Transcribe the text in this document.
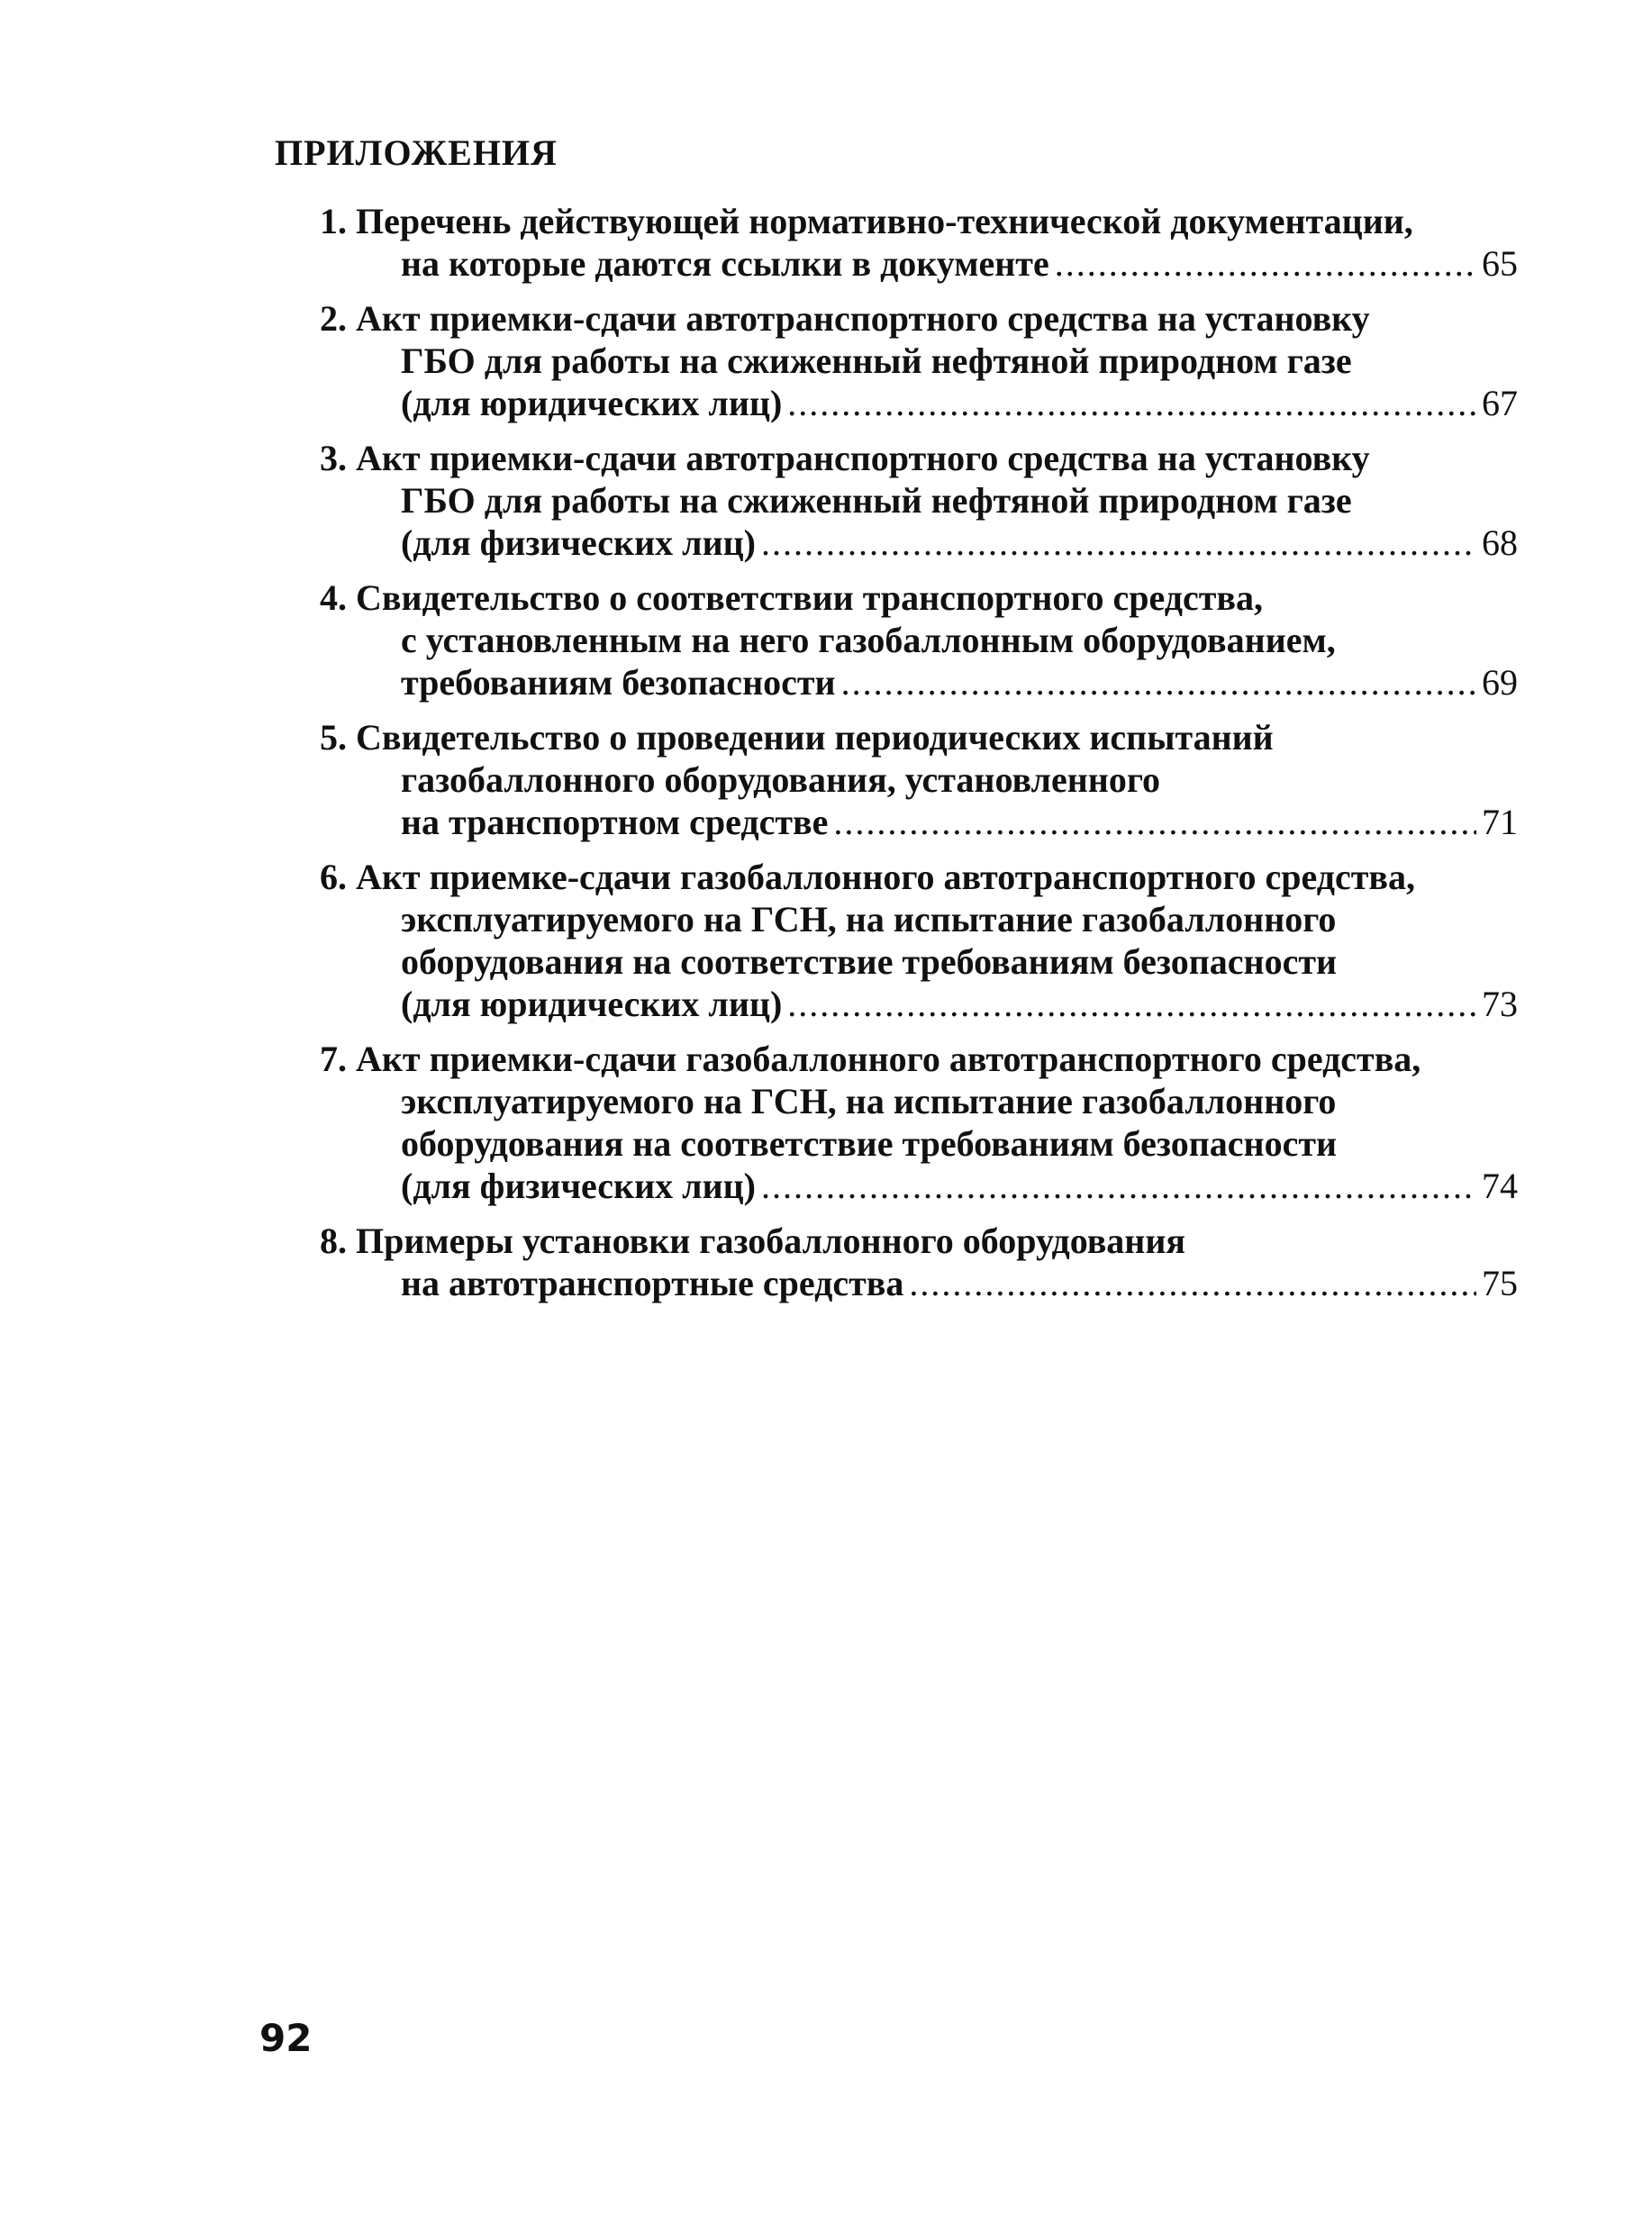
ПРИЛОЖЕНИЯ
1. Перечень действующей нормативно-технической документации,
на которые даются ссылки в документе .....	65
2. Акт приемки-сдачи автотранспортного средства на установку
ГБО для работы на сжиженный нефтяной природном газе
(для юридических лиц) .....	67
3. Акт приемки-сдачи автотранспортного средства на установку
ГБО для работы на сжиженный нефтяной природном газе
(для физических лиц) .....	68
4. Свидетельство о соответствии транспортного средства,
с установленным на него газобаллонным оборудованием,
требованиям безопасности .....	69
5. Свидетельство о проведении периодических испытаний
газобаллонного оборудования, установленного
на транспортном средстве .....	71
6. Акт приемке-сдачи газобаллонного автотранспортного средства,
эксплуатируемого на ГСН, на испытание газобаллонного
оборудования на соответствие требованиям безопасности
(для юридических лиц) .....	73
7. Акт приемки-сдачи газобаллонного автотранспортного средства,
эксплуатируемого на ГСН, на испытание газобаллонного
оборудования на соответствие требованиям безопасности
(для физических лиц) .....	74
8. Примеры установки газобаллонного оборудования
на автотранспортные средства .....	75
92
